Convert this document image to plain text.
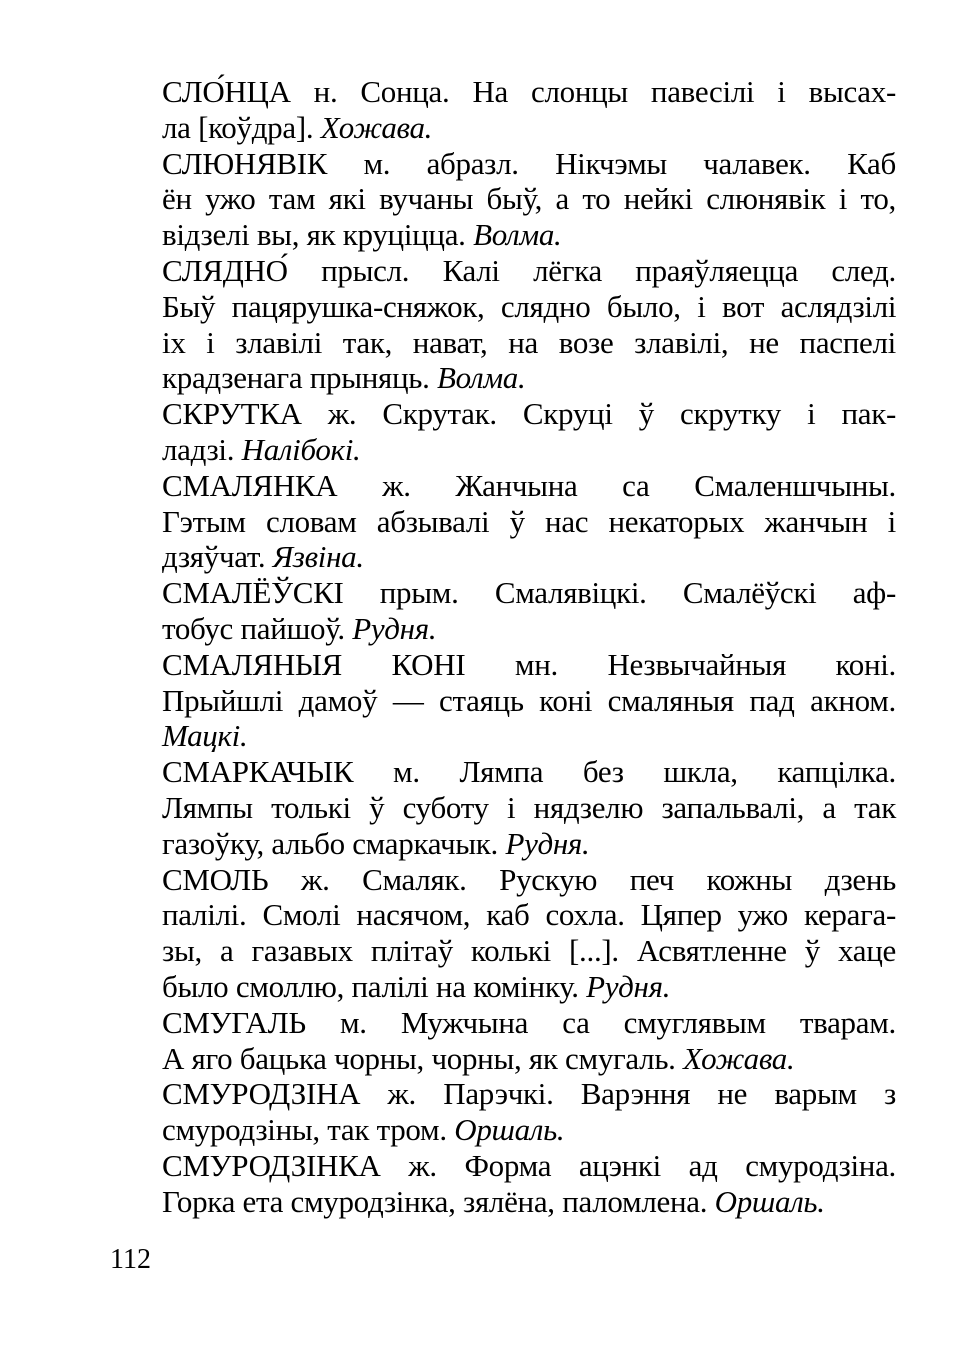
СЛО́НЦА н. Сонца. На слонцы павесілі і высах-
ла [коўдра]. Хожава.
СЛЮНЯВІК м. абразл. Нікчэмы чалавек. Каб
ён ужо там які вучаны быў, а то нейкі слюнявік і то,
відзелі вы, як круціцца. Волма.
СЛЯДНО́ прысл. Калі лёгка праяўляецца след.
Быў пацярушка-сняжок, слядно было, і вот аслядзілі
іх і злавілі так, нават, на возе злавілі, не паспелі
крадзенага прыняць. Волма.
СКРУТКА ж. Скрутак. Скруці ў скрутку і пак-
ладзі. Налібокі.
СМАЛЯНКА ж. Жанчына са Смаленшчыны.
Гэтым словам абзывалі ў нас некаторых жанчын і
дзяўчат. Язвіна.
СМАЛЁЎСКІ прым. Смалявіцкі. Смалёўскі аф-
тобус пайшоў. Рудня.
СМАЛЯНЫЯ КОНІ мн. Незвычайныя коні.
Прыйшлі дамоў — стаяць коні смаляныя пад акном.
Мацкі.
СМАРКАЧЫК м. Лямпа без шкла, капцілка.
Лямпы толькі ў суботу і нядзелю запальвалі, а так
газоўку, альбо смаркачык. Рудня.
СМОЛЬ ж. Смаляк. Рускую печ кожны дзень
палілі. Смолі насячом, каб сохла. Цяпер ужо керага-
зы, а газавых плітаў колькі [...]. Асвятленне ў хаце
было смоллю, палілі на комінку. Рудня.
СМУГАЛЬ м. Мужчына са смуглявым тварам.
А яго бацька чорны, чорны, як смугаль. Хожава.
СМУРОДЗІНА ж. Парэчкі. Варэння не варым з
смуродзіны, так тром. Оршаль.
СМУРОДЗІНКА ж. Форма ацэнкі ад смуродзіна.
Горка ета смуродзінка, зялёна, паломлена. Оршаль.
112
